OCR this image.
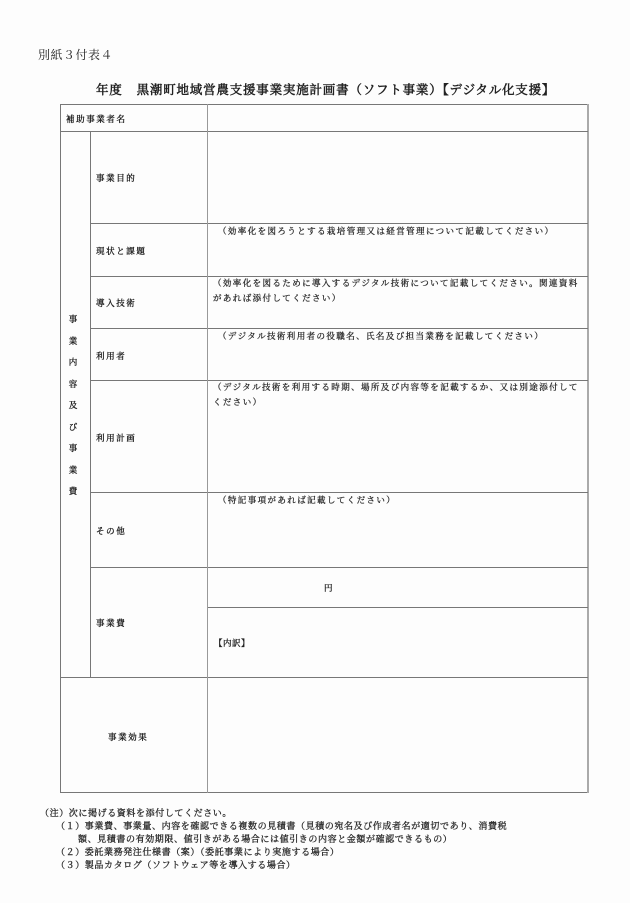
別紙３付表４
年度 黒潮町地域営農支援事業実施計画書（ソフト事業）【デジタル化支援】
補助事業者名
事
業
内
容
及
び
事
業
費
事業目的
現状と課題
導入技術
利用者
利用計画
その他
事業費
（効率化を図ろうとする栽培管理又は経営管理について記載してください）
（効率化を図るために導入するデジタル技術について記載してください。関連資料があれば添付してください）
（デジタル技術利用者の役職名、氏名及び担当業務を記載してください）
（デジタル技術を利用する時期、場所及び内容等を記載するか、又は別途添付してください）
（特記事項があれば記載してください）
円
【内訳】
事業効果
（注）次に掲げる資料を添付してください。
（１）事業費、事業量、内容を確認できる複数の見積書（見積の宛名及び作成者名が適切であり、消費税
額、見積書の有効期限、値引きがある場合には値引きの内容と金額が確認できるもの）
（２）委託業務発注仕様書（案）（委託事業により実施する場合）
（３）製品カタログ（ソフトウェア等を導入する場合）
